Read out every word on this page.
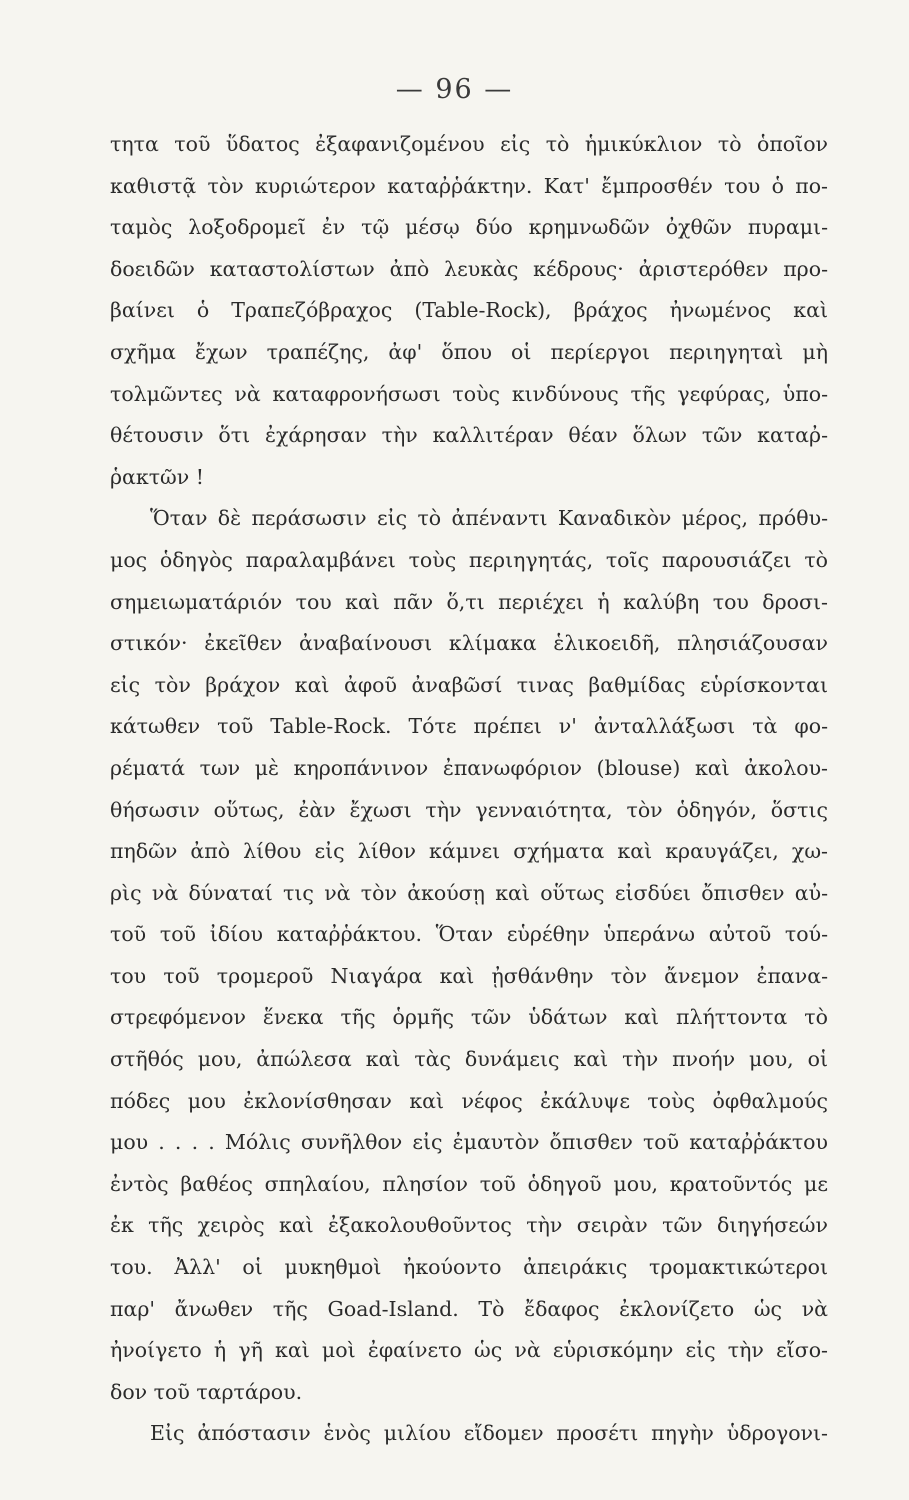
— 96 —
τητα τοῦ ὕδατος ἐξαφανιζομένου εἰς τὸ ἡμικύκλιον τὸ ὁποῖον
καθιστᾷ τὸν κυριώτερον καταῤῥάκτην. Κατ' ἔμπροσθέν του ὁ πο-
ταμὸς λοξοδρομεῖ ἐν τῷ μέσῳ δύο κρημνωδῶν ὀχθῶν πυραμι-
δοειδῶν καταστολίστων ἀπὸ λευκὰς κέδρους· ἀριστερόθεν προ-
βαίνει ὁ Τραπεζόβραχος (Table-Rock), βράχος ἠνωμένος καὶ
σχῆμα ἔχων τραπέζης, ἀφ' ὅπου οἱ περίεργοι περιηγηταὶ μὴ
τολμῶντες νὰ καταφρονήσωσι τοὺς κινδύνους τῆς γεφύρας, ὑπο-
θέτουσιν ὅτι ἐχάρησαν τὴν καλλιτέραν θέαν ὅλων τῶν καταῤ-
ῥακτῶν !
Ὅταν δὲ περάσωσιν εἰς τὸ ἀπέναντι Καναδικὸν μέρος, πρόθυ-
μος ὁδηγὸς παραλαμβάνει τοὺς περιηγητάς, τοῖς παρουσιάζει τὸ
σημειωματάριόν του καὶ πᾶν ὅ,τι περιέχει ἡ καλύβη του δροσι-
στικόν· ἐκεῖθεν ἀναβαίνουσι κλίμακα ἑλικοειδῆ, πλησιάζουσαν
εἰς τὸν βράχον καὶ ἀφοῦ ἀναβῶσί τινας βαθμίδας εὑρίσκονται
κάτωθεν τοῦ Table-Rock. Τότε πρέπει ν' ἀνταλλάξωσι τὰ φο-
ρέματά των μὲ κηροπάνινον ἐπανωφόριον (blouse) καὶ ἀκολου-
θήσωσιν οὕτως, ἐὰν ἔχωσι τὴν γενναιότητα, τὸν ὁδηγόν, ὅστις
πηδῶν ἀπὸ λίθου εἰς λίθον κάμνει σχήματα καὶ κραυγάζει, χω-
ρὶς νὰ δύναταί τις νὰ τὸν ἀκούσῃ καὶ οὕτως εἰσδύει ὄπισθεν αὐ-
τοῦ τοῦ ἰδίου καταῤῥάκτου. Ὅταν εὑρέθην ὑπεράνω αὐτοῦ τού-
του τοῦ τρομεροῦ Νιαγάρα καὶ ᾐσθάνθην τὸν ἄνεμον ἐπανα-
στρεφόμενον ἕνεκα τῆς ὁρμῆς τῶν ὑδάτων καὶ πλήττοντα τὸ
στῆθός μου, ἀπώλεσα καὶ τὰς δυνάμεις καὶ τὴν πνοήν μου, οἱ
πόδες μου ἐκλονίσθησαν καὶ νέφος ἐκάλυψε τοὺς ὀφθαλμούς
μου . . . . Μόλις συνῆλθον εἰς ἐμαυτὸν ὄπισθεν τοῦ καταῤῥάκτου
ἐντὸς βαθέος σπηλαίου, πλησίον τοῦ ὁδηγοῦ μου, κρατοῦντός με
ἐκ τῆς χειρὸς καὶ ἐξακολουθοῦντος τὴν σειρὰν τῶν διηγήσεών
του. Ἀλλ' οἱ μυκηθμοὶ ἠκούοντο ἀπειράκις τρομακτικώτεροι
παρ' ἄνωθεν τῆς Goad-Island. Τὸ ἔδαφος ἐκλονίζετο ὡς νὰ
ἠνοίγετο ἡ γῆ καὶ μοὶ ἐφαίνετο ὡς νὰ εὑρισκόμην εἰς τὴν εἴσο-
δον τοῦ ταρτάρου.
Εἰς ἀπόστασιν ἑνὸς μιλίου εἴδομεν προσέτι πηγὴν ὑδρογονι-
